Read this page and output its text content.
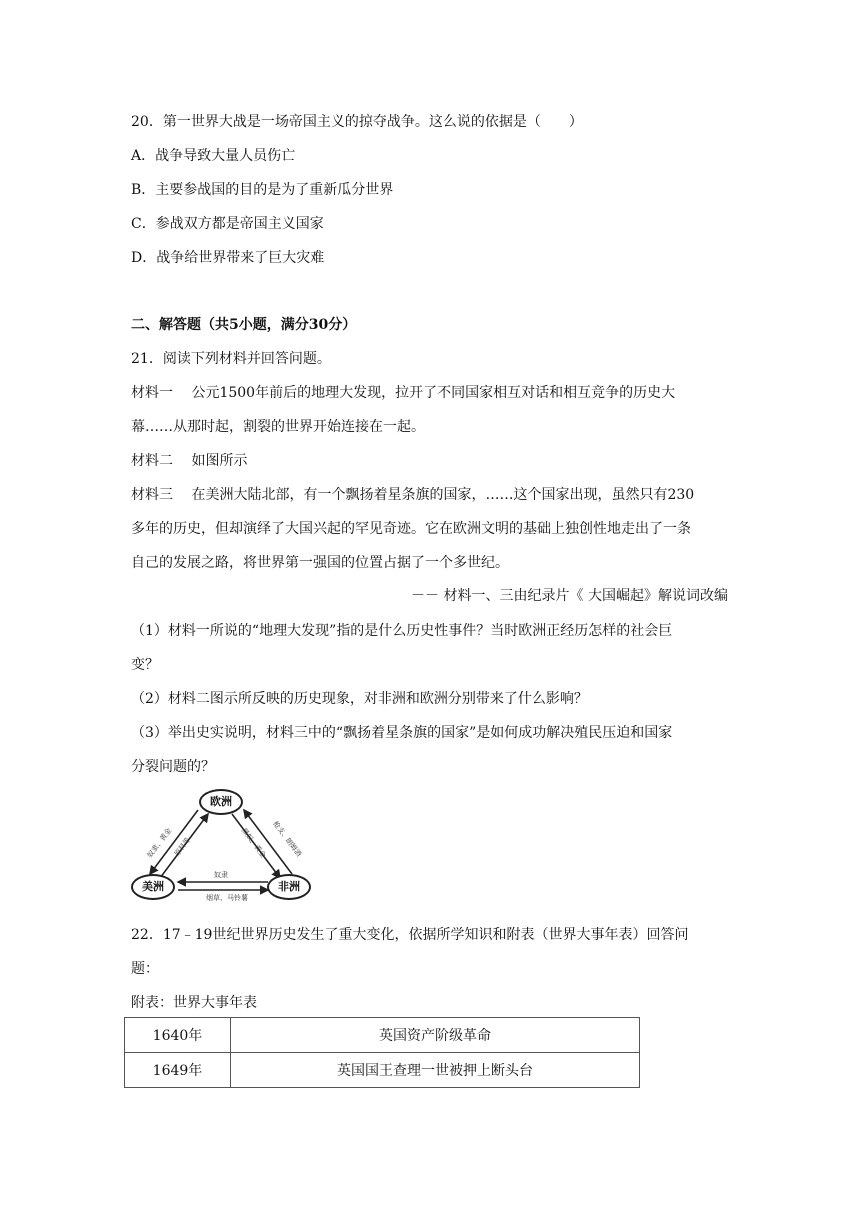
20．第一世界大战是一场帝国主义的掠夺战争。这么说的依据是（　　）
A．战争导致大量人员伤亡
B．主要参战国的目的是为了重新瓜分世界
C．参战双方都是帝国主义国家
D．战争给世界带来了巨大灾难
二、解答题（共5小题，满分30分）
21．阅读下列材料并回答问题。
材料一　 公元1500年前后的地理大发现，拉开了不同国家相互对话和相互竞争的历史大
幕……从那时起，割裂的世界开始连接在一起。
材料二　 如图所示
材料三　 在美洲大陆北部，有一个飘扬着星条旗的国家，……这个国家出现，虽然只有230
多年的历史，但却演绎了大国兴起的罕见奇迹。它在欧洲文明的基础上独创性地走出了一条
自己的发展之路，将世界第一强国的位置占据了一个多世纪。
－－ 材料一、三由纪录片《 大国崛起》解说词改编
（1）材料一所说的“地理大发现”指的是什么历史性事件？当时欧洲正经历怎样的社会巨
变？
（2）材料二图示所反映的历史现象，对非洲和欧洲分别带来了什么影响？
（3）举出史实说明，材料三中的“飘扬着星条旗的国家”是如何成功解决殖民压迫和国家
分裂问题的？
欧洲
美洲	非洲
奴隶、黄金 原料等	枪支、朗姆酒
黑奴、黄金
奴隶
烟草、马铃薯
22．17﹣19世纪世界历史发生了重大变化，依据所学知识和附表（世界大事年表）回答问
题：
附表：世界大事年表
1640年	英国资产阶级革命
1649年	英国国王查理一世被押上断头台
